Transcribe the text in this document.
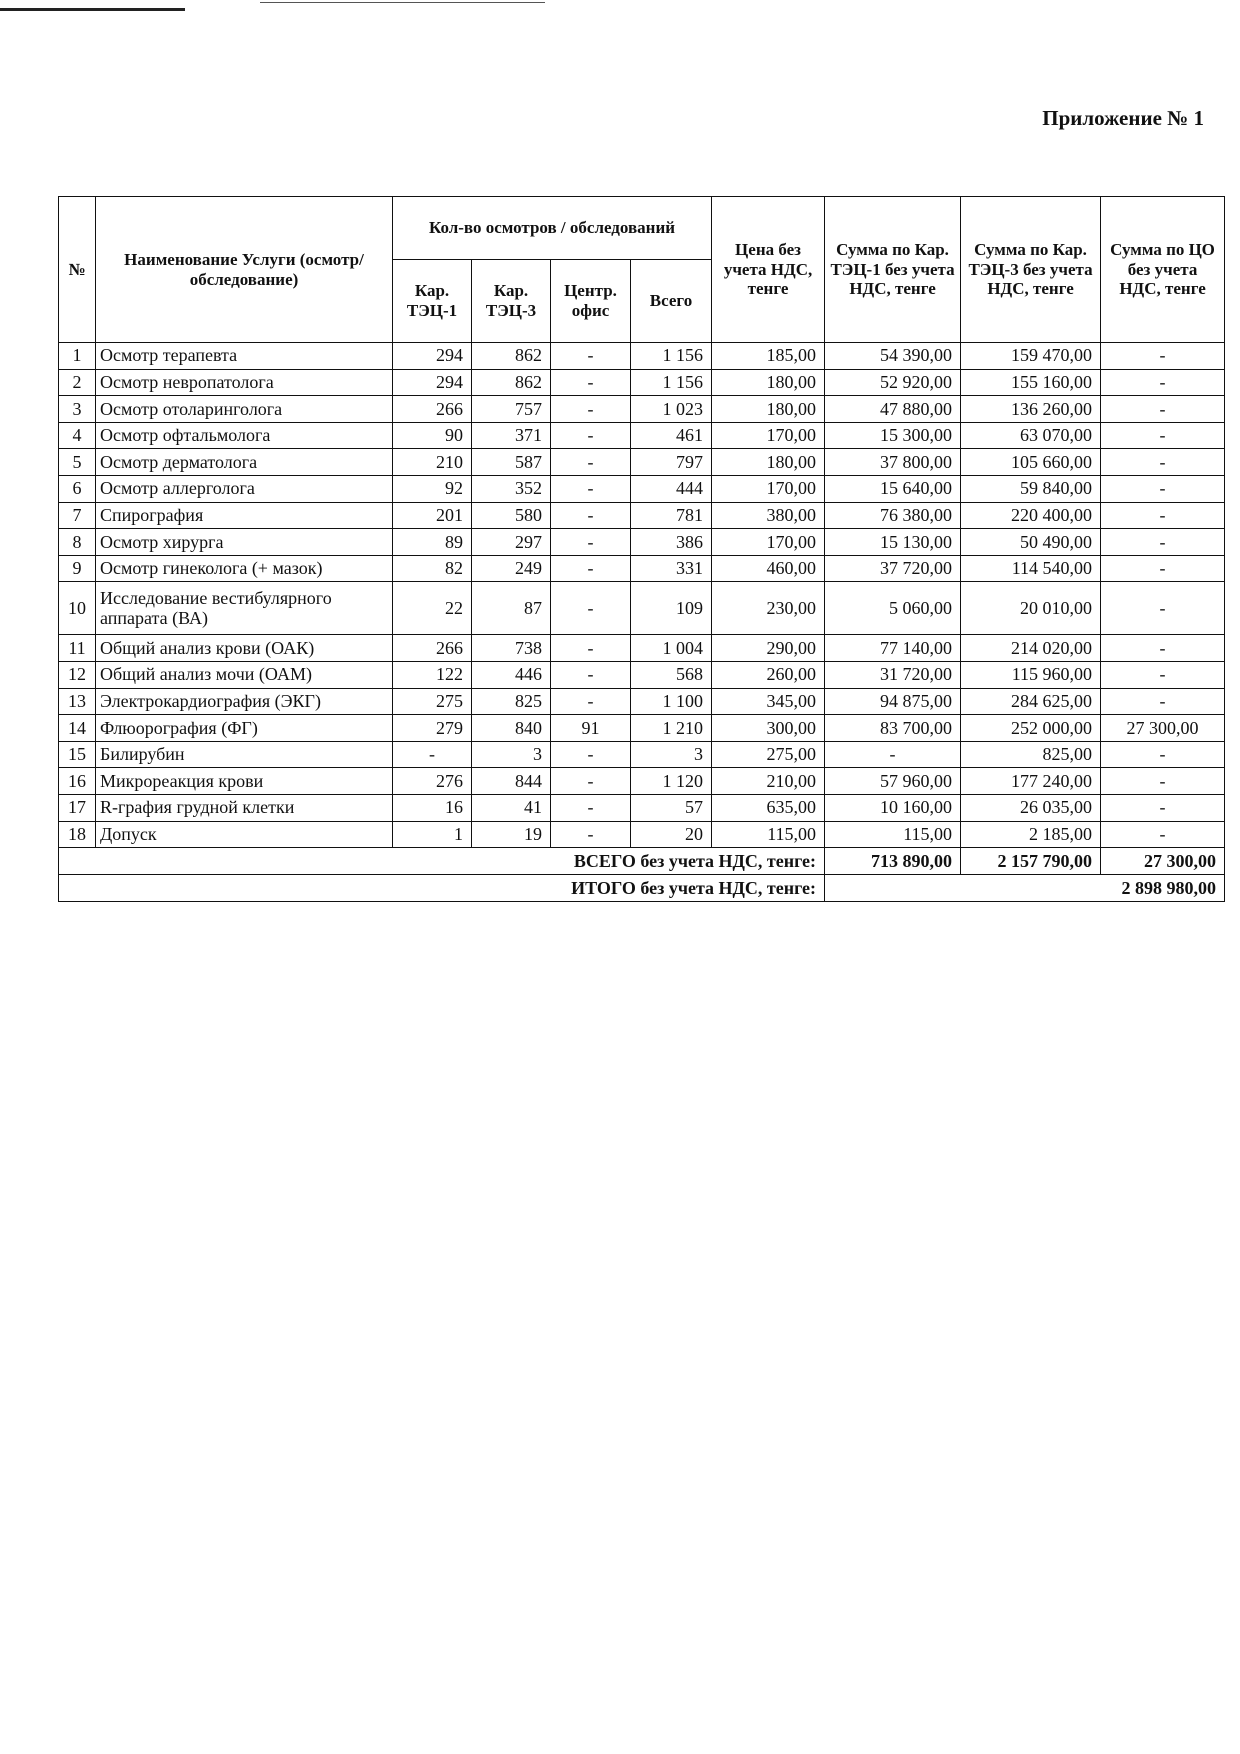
Приложение № 1
№	Наименование Услуги (осмотр/обследование)	Кол-во осмотров / обследований				Цена без учета НДС, тенге	Сумма по Кар. ТЭЦ-1 без учета НДС, тенге	Сумма по Кар. ТЭЦ-3 без учета НДС, тенге	Сумма по ЦО без учета НДС, тенге
		Кар. ТЭЦ-1	Кар. ТЭЦ-3	Центр. офис	Всего				
1	Осмотр терапевта	294	862	-	1 156	185,00	54 390,00	159 470,00	-
2	Осмотр невропатолога	294	862	-	1 156	180,00	52 920,00	155 160,00	-
3	Осмотр отоларинголога	266	757	-	1 023	180,00	47 880,00	136 260,00	-
4	Осмотр офтальмолога	90	371	-	461	170,00	15 300,00	63 070,00	-
5	Осмотр дерматолога	210	587	-	797	180,00	37 800,00	105 660,00	-
6	Осмотр аллерголога	92	352	-	444	170,00	15 640,00	59 840,00	-
7	Спирография	201	580	-	781	380,00	76 380,00	220 400,00	-
8	Осмотр хирурга	89	297	-	386	170,00	15 130,00	50 490,00	-
9	Осмотр гинеколога (+ мазок)	82	249	-	331	460,00	37 720,00	114 540,00	-
10	Исследование вестибулярного аппарата (ВА)	22	87	-	109	230,00	5 060,00	20 010,00	-
11	Общий анализ крови (ОАК)	266	738	-	1 004	290,00	77 140,00	214 020,00	-
12	Общий анализ мочи (ОАМ)	122	446	-	568	260,00	31 720,00	115 960,00	-
13	Электрокардиография (ЭКГ)	275	825	-	1 100	345,00	94 875,00	284 625,00	-
14	Флюорография (ФГ)	279	840	91	1 210	300,00	83 700,00	252 000,00	27 300,00
15	Билирубин	-	3	-	3	275,00	-	825,00	-
16	Микрореакция крови	276	844	-	1 120	210,00	57 960,00	177 240,00	-
17	R-графия грудной клетки	16	41	-	57	635,00	10 160,00	26 035,00	-
18	Допуск	1	19	-	20	115,00	115,00	2 185,00	-
ВСЕГО без учета НДС, тенге:							713 890,00	2 157 790,00	27 300,00
ИТОГО без учета НДС, тенге:							2 898 980,00		
